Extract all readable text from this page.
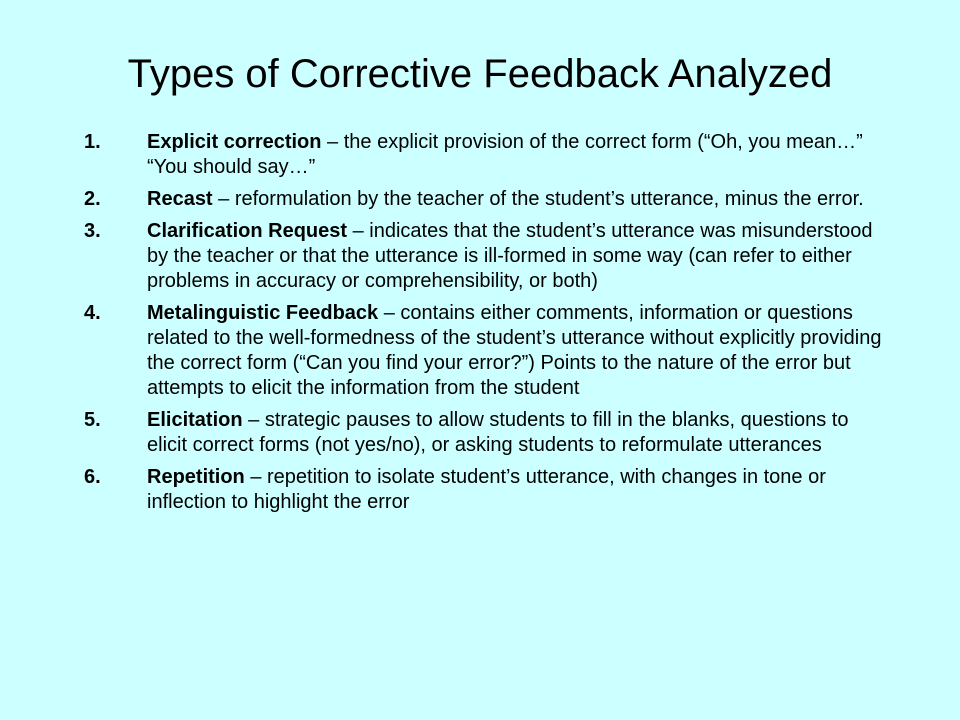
Types of Corrective Feedback Analyzed
1.	Explicit correction – the explicit provision of the correct form (“Oh, you mean…” “You should say…”
2.	Recast – reformulation by the teacher of the student’s utterance, minus the error.
3.	Clarification Request – indicates that the student’s utterance was misunderstood by the teacher or that the utterance is ill-formed in some way (can refer to either problems in accuracy or comprehensibility, or both)
4.	Metalinguistic Feedback – contains either comments, information or questions related to the well-formedness of the student’s utterance without explicitly providing the correct form (“Can you find your error?”) Points to the nature of the error but attempts to elicit the information from the student
5.	Elicitation – strategic pauses to allow students to fill in the blanks, questions to elicit correct forms (not yes/no), or asking students to reformulate utterances
6.	Repetition – repetition to isolate student’s utterance, with changes in tone or inflection to highlight the error
